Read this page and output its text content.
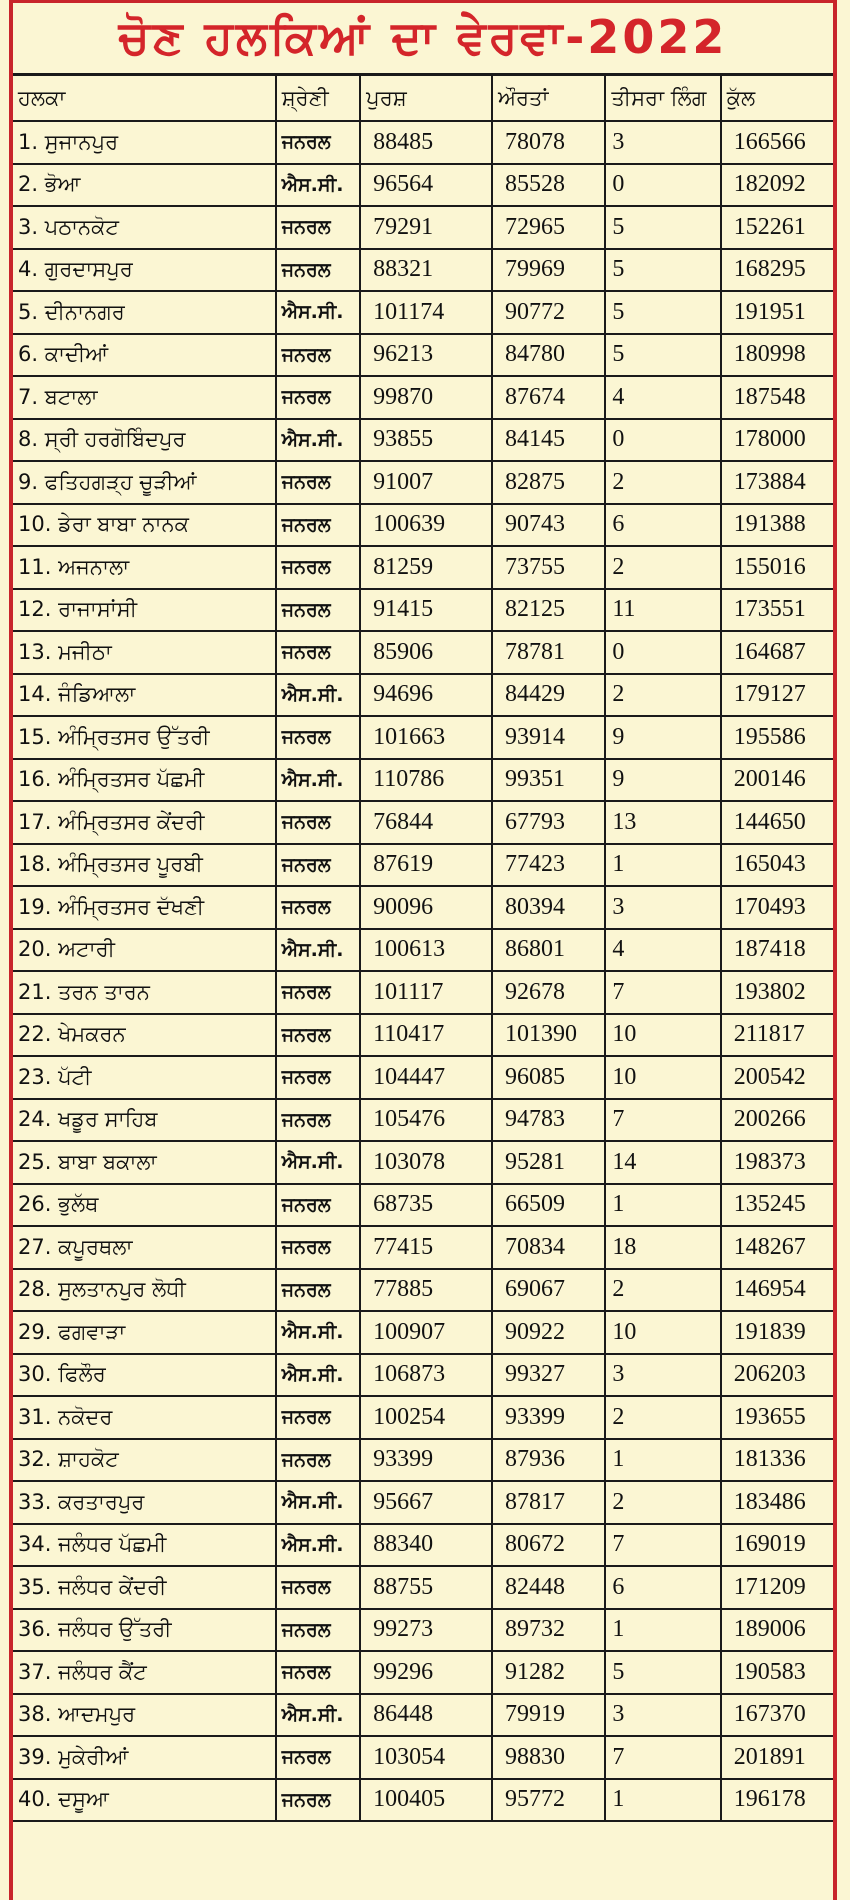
ਚੋਣ ਹਲਕਿਆਂ ਦਾ ਵੇਰਵਾ-2022
ਹਲਕਾ	ਸ਼੍ਰੇਣੀ	ਪੁਰਸ਼	ਔਰਤਾਂ	ਤੀਸਰਾ ਲਿੰਗ	ਕੁੱਲ
1. ਸੁਜਾਨਪੁਰ	ਜਨਰਲ	88485	78078	3	166566
2. ਭੋਆ	ਐਸ.ਸੀ.	96564	85528	0	182092
3. ਪਠਾਨਕੋਟ	ਜਨਰਲ	79291	72965	5	152261
4. ਗੁਰਦਾਸਪੁਰ	ਜਨਰਲ	88321	79969	5	168295
5. ਦੀਨਾਨਗਰ	ਐਸ.ਸੀ.	101174	90772	5	191951
6. ਕਾਦੀਆਂ	ਜਨਰਲ	96213	84780	5	180998
7. ਬਟਾਲਾ	ਜਨਰਲ	99870	87674	4	187548
8. ਸ੍ਰੀ ਹਰਗੋਬਿੰਦਪੁਰ	ਐਸ.ਸੀ.	93855	84145	0	178000
9. ਫਤਿਹਗੜ੍ਹ ਚੂੜੀਆਂ	ਜਨਰਲ	91007	82875	2	173884
10. ਡੇਰਾ ਬਾਬਾ ਨਾਨਕ	ਜਨਰਲ	100639	90743	6	191388
11. ਅਜਨਾਲਾ	ਜਨਰਲ	81259	73755	2	155016
12. ਰਾਜਾਸਾਂਸੀ	ਜਨਰਲ	91415	82125	11	173551
13. ਮਜੀਠਾ	ਜਨਰਲ	85906	78781	0	164687
14. ਜੰਡਿਆਲਾ	ਐਸ.ਸੀ.	94696	84429	2	179127
15. ਅੰਮ੍ਰਿਤਸਰ ਉੱਤਰੀ	ਜਨਰਲ	101663	93914	9	195586
16. ਅੰਮ੍ਰਿਤਸਰ ਪੱਛਮੀ	ਐਸ.ਸੀ.	110786	99351	9	200146
17. ਅੰਮ੍ਰਿਤਸਰ ਕੇਂਦਰੀ	ਜਨਰਲ	76844	67793	13	144650
18. ਅੰਮ੍ਰਿਤਸਰ ਪੂਰਬੀ	ਜਨਰਲ	87619	77423	1	165043
19. ਅੰਮ੍ਰਿਤਸਰ ਦੱਖਣੀ	ਜਨਰਲ	90096	80394	3	170493
20. ਅਟਾਰੀ	ਐਸ.ਸੀ.	100613	86801	4	187418
21. ਤਰਨ ਤਾਰਨ	ਜਨਰਲ	101117	92678	7	193802
22. ਖੇਮਕਰਨ	ਜਨਰਲ	110417	101390	10	211817
23. ਪੱਟੀ	ਜਨਰਲ	104447	96085	10	200542
24. ਖਡੂਰ ਸਾਹਿਬ	ਜਨਰਲ	105476	94783	7	200266
25. ਬਾਬਾ ਬਕਾਲਾ	ਐਸ.ਸੀ.	103078	95281	14	198373
26. ਭੁਲੱਥ	ਜਨਰਲ	68735	66509	1	135245
27. ਕਪੂਰਥਲਾ	ਜਨਰਲ	77415	70834	18	148267
28. ਸੁਲਤਾਨਪੁਰ ਲੋਧੀ	ਜਨਰਲ	77885	69067	2	146954
29. ਫਗਵਾੜਾ	ਐਸ.ਸੀ.	100907	90922	10	191839
30. ਫਿਲੌਰ	ਐਸ.ਸੀ.	106873	99327	3	206203
31. ਨਕੋਦਰ	ਜਨਰਲ	100254	93399	2	193655
32. ਸ਼ਾਹਕੋਟ	ਜਨਰਲ	93399	87936	1	181336
33. ਕਰਤਾਰਪੁਰ	ਐਸ.ਸੀ.	95667	87817	2	183486
34. ਜਲੰਧਰ ਪੱਛਮੀ	ਐਸ.ਸੀ.	88340	80672	7	169019
35. ਜਲੰਧਰ ਕੇਂਦਰੀ	ਜਨਰਲ	88755	82448	6	171209
36. ਜਲੰਧਰ ਉੱਤਰੀ	ਜਨਰਲ	99273	89732	1	189006
37. ਜਲੰਧਰ ਕੈਂਟ	ਜਨਰਲ	99296	91282	5	190583
38. ਆਦਮਪੁਰ	ਐਸ.ਸੀ.	86448	79919	3	167370
39. ਮੁਕੇਰੀਆਂ	ਜਨਰਲ	103054	98830	7	201891
40. ਦਸੂਆ	ਜਨਰਲ	100405	95772	1	196178
